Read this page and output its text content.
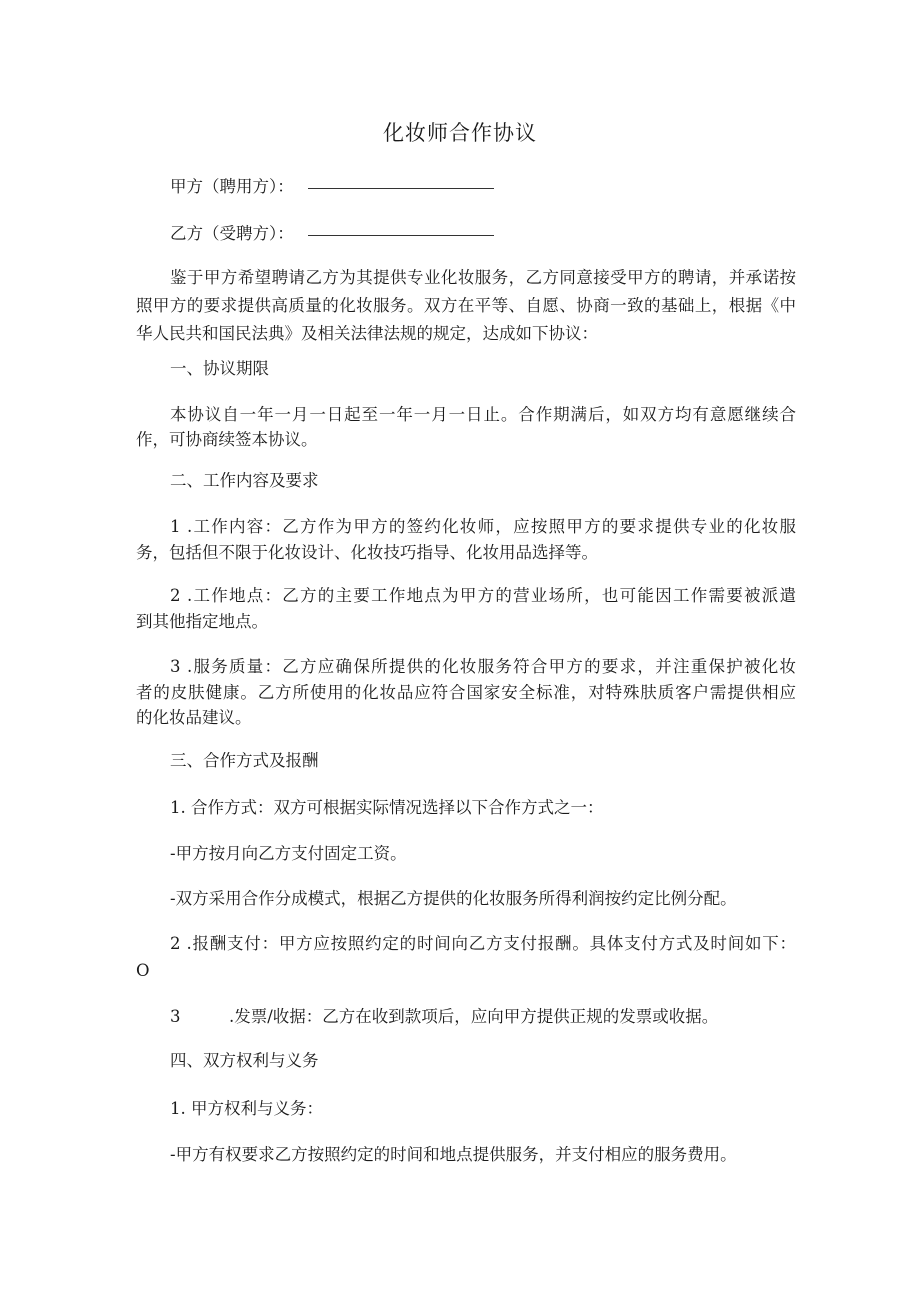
化妆师合作协议
甲方（聘用方）：
乙方（受聘方）：
鉴于甲方希望聘请乙方为其提供专业化妆服务，乙方同意接受甲方的聘请，并承诺按
照甲方的要求提供高质量的化妆服务。双方在平等、自愿、协商一致的基础上，根据《中
华人民共和国民法典》及相关法律法规的规定，达成如下协议：
一、协议期限
本协议自一年一月一日起至一年一月一日止。合作期满后，如双方均有意愿继续合
作，可协商续签本协议。
二、工作内容及要求
1 .工作内容：乙方作为甲方的签约化妆师，应按照甲方的要求提供专业的化妆服
务，包括但不限于化妆设计、化妆技巧指导、化妆用品选择等。
2 .工作地点：乙方的主要工作地点为甲方的营业场所，也可能因工作需要被派遣
到其他指定地点。
3 .服务质量：乙方应确保所提供的化妆服务符合甲方的要求，并注重保护被化妆
者的皮肤健康。乙方所使用的化妆品应符合国家安全标准，对特殊肤质客户需提供相应
的化妆品建议。
三、合作方式及报酬
1. 合作方式：双方可根据实际情况选择以下合作方式之一：
-甲方按月向乙方支付固定工资。
-双方采用合作分成模式，根据乙方提供的化妆服务所得利润按约定比例分配。
2 .报酬支付：甲方应按照约定的时间向乙方支付报酬。具体支付方式及时间如下：
O
3	.发票/收据：乙方在收到款项后，应向甲方提供正规的发票或收据。
四、双方权利与义务
1. 甲方权利与义务：
-甲方有权要求乙方按照约定的时间和地点提供服务，并支付相应的服务费用。
